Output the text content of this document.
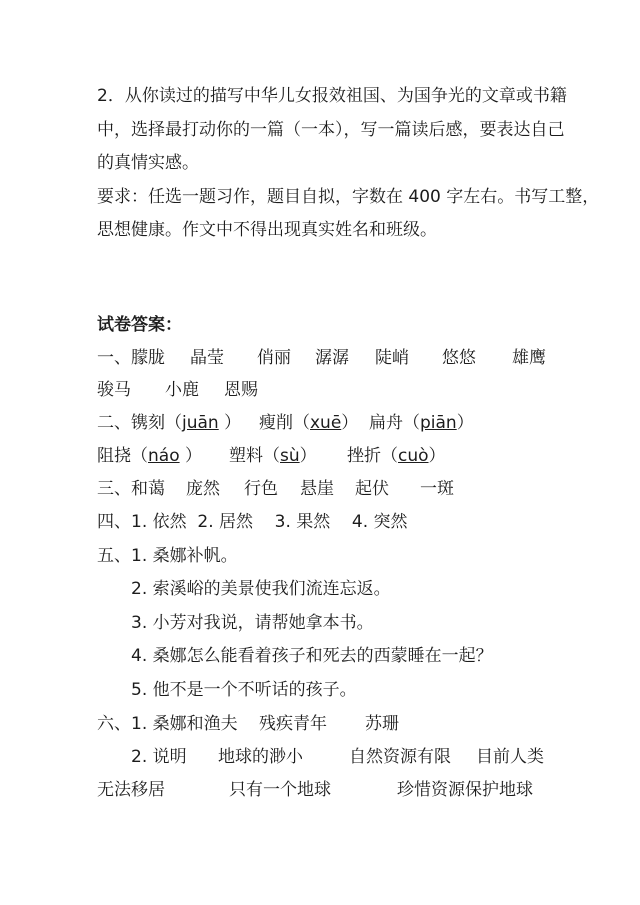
2．从你读过的描写中华儿女报效祖国、为国争光的文章或书籍
中，选择最打动你的一篇（一本），写一篇读后感，要表达自己
的真情实感。
要求：任选一题习作，题目自拟，字数在 400 字左右。书写工整，
思想健康。作文中不得出现真实姓名和班级。
试卷答案：
一、 朦胧 晶莹 俏丽 潺潺 陡峭 悠悠 雄鹰
骏马 小鹿 恩赐
二、 镌刻（juān ） 瘦削（xuē） 扁舟（piān）
阻挠（náo ） 塑料（sù） 挫折（cuò）
三、 和蔼 庞然 行色 悬崖 起伏 一斑
四、1. 依然  2. 居然    3. 果然    4. 突然
五、 1. 桑娜补帆。
2. 索溪峪的美景使我们流连忘返。
3. 小芳对我说，请帮她拿本书。
4. 桑娜怎么能看着孩子和死去的西蒙睡在一起？
5. 他不是一个不听话的孩子。
六、 1. 桑娜和渔夫 残疾青年 苏珊
2. 说明 地球的渺小	自然资源有限 目前人类
无法移居	只有一个地球	珍惜资源保护地球
